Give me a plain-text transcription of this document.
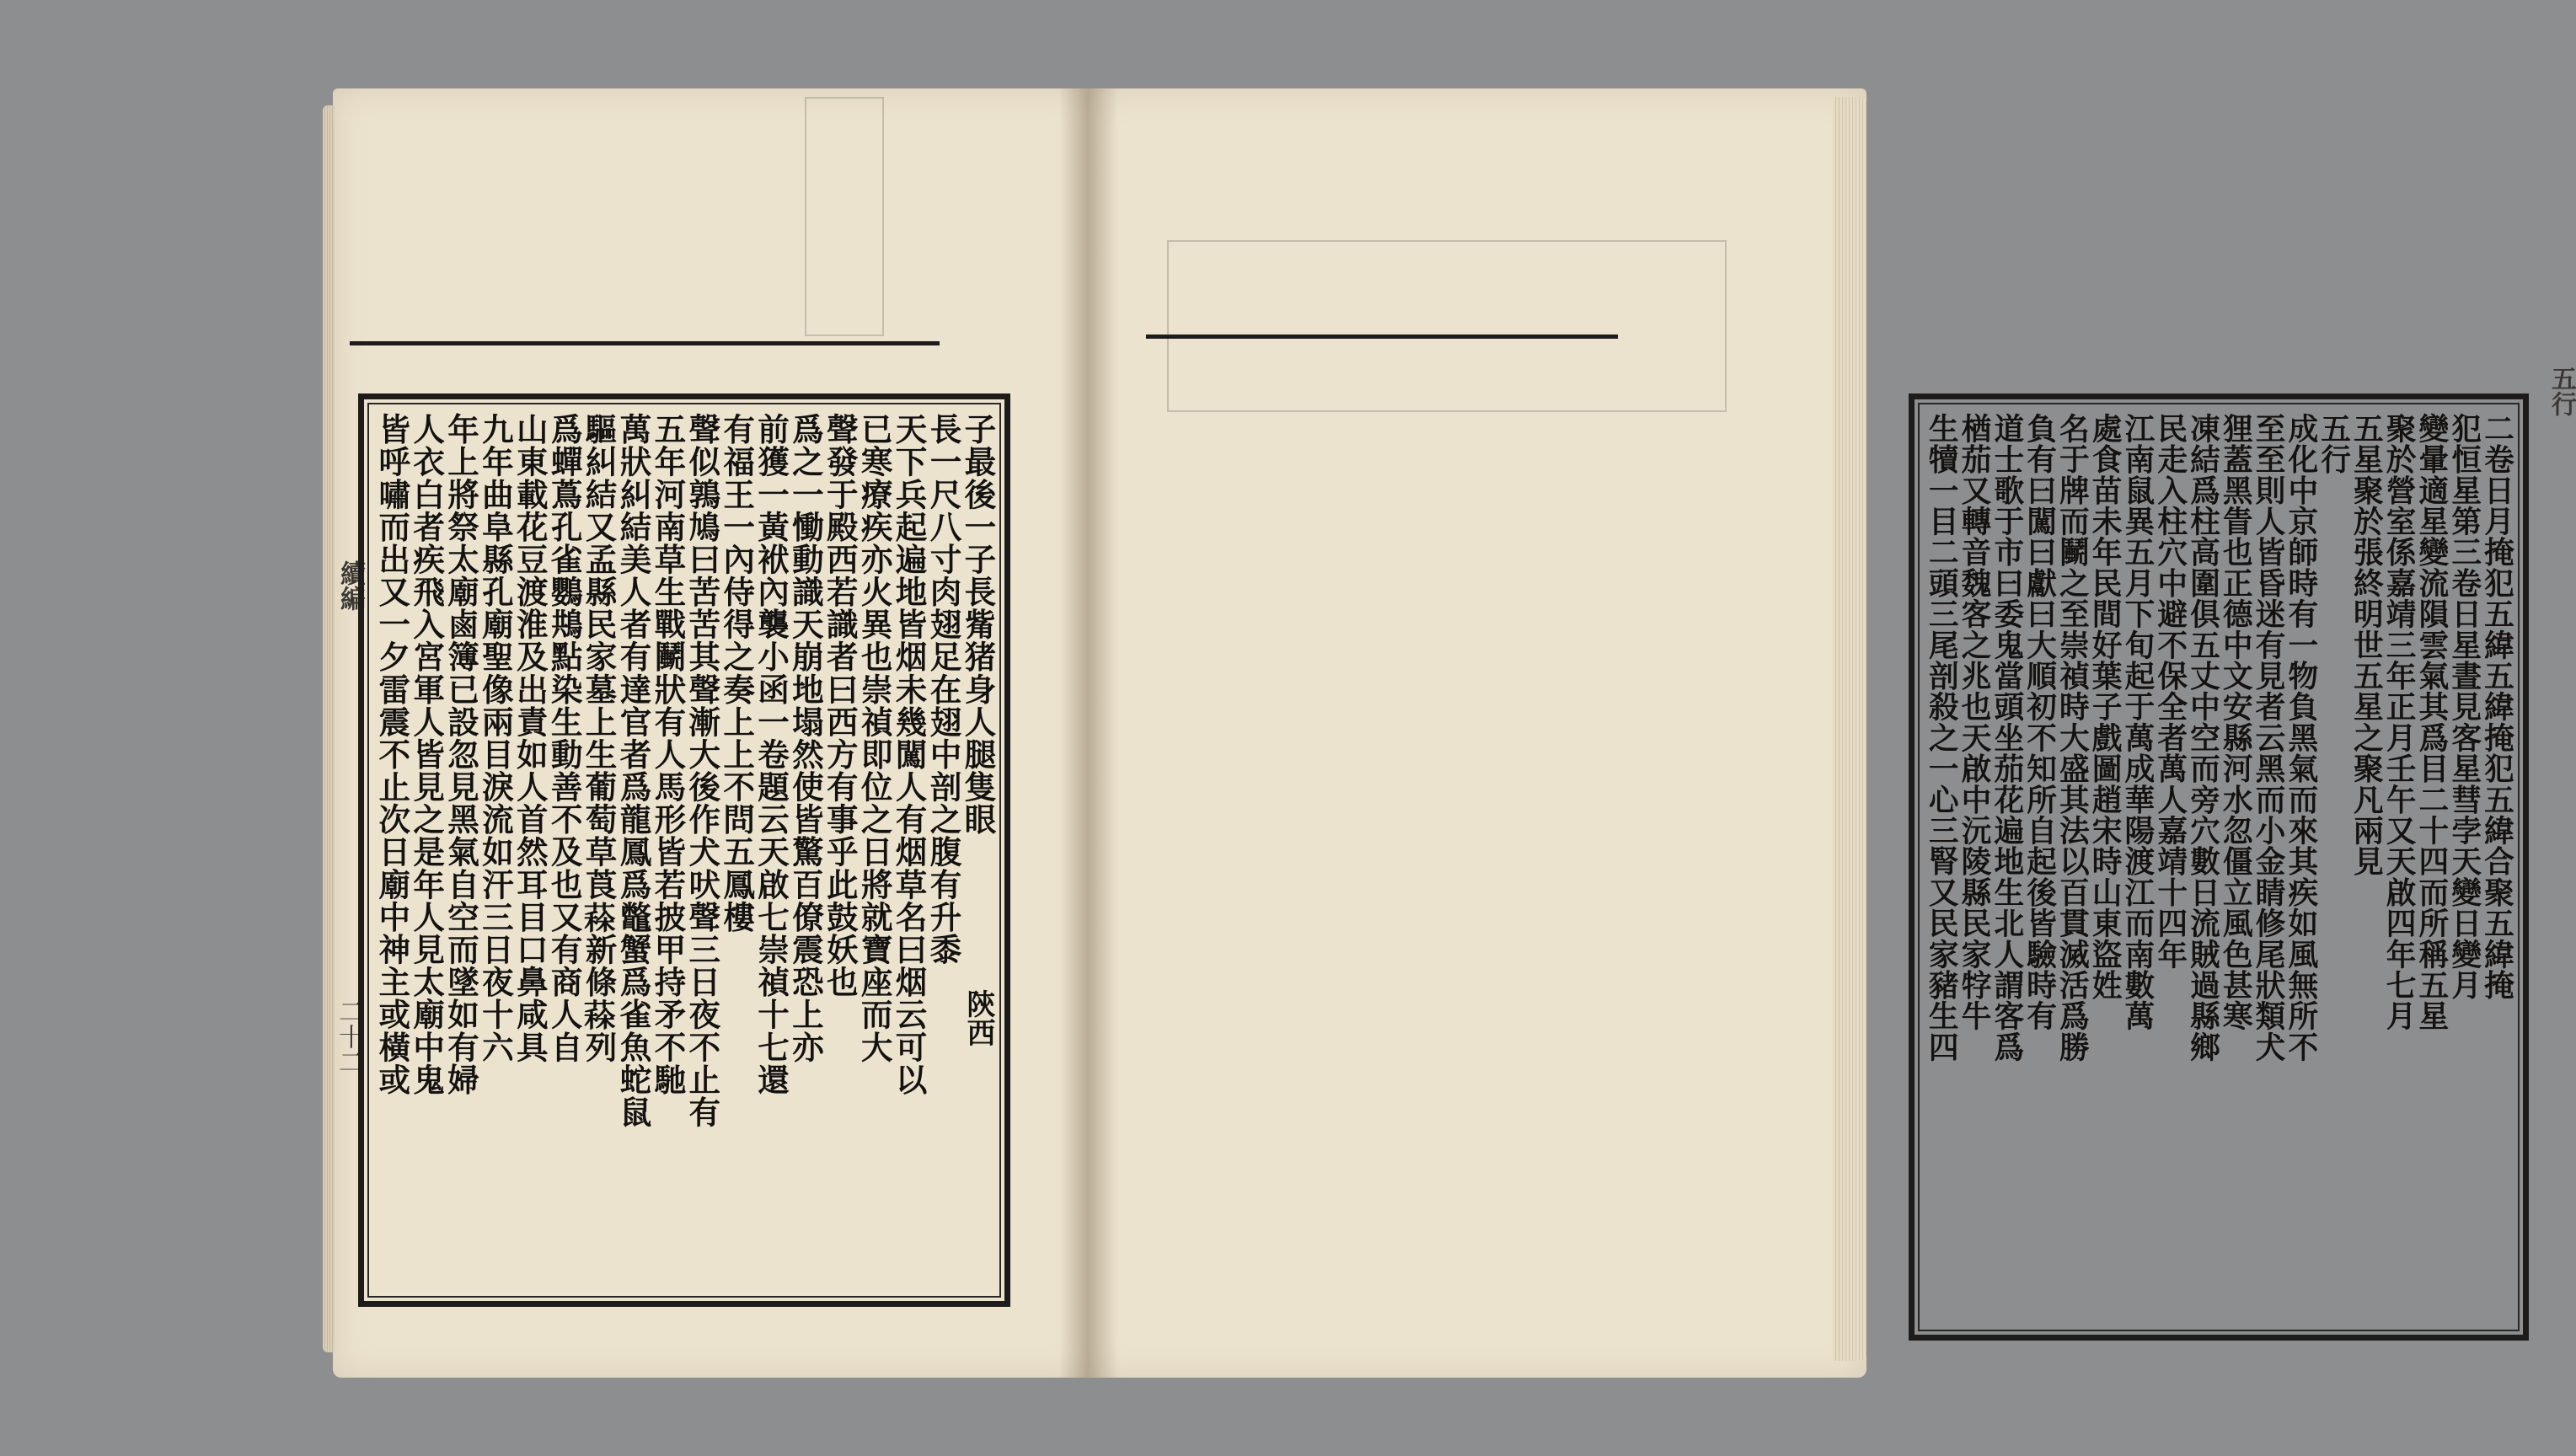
續編
二十二
子最後一子長觜猪身人腿隻眼
長一尺八寸肉翅足在翅中剖之腹有升黍
天下兵起遍地皆烟未幾闖人有烟草名曰烟云可以
已寒療疾亦火異也崇禎即位之日將就寶座而大
聲發于殿西若識者曰西方有事乎此鼓妖也
爲之一慟動識天崩地塌然使皆驚百僚震恐上亦
前獲一黃袱內襲小函一卷題云天啟七崇禎十七還
有福王一內侍得之奏上上不問五鳳樓
聲似鶉鳩曰苦苦其聲漸大後作犬吠聲三日夜不止有
五年河南草生戰鬭狀有人馬形皆若披甲持矛不馳
萬狀糾結美人者有達官者爲龍鳳爲鼈蟹爲雀魚蛇鼠
驅糾結又孟縣民家墓上生葡萄草莨𦸸新條𦸸列
爲蟬蔦孔雀鸚䳍點染生動善不及也又有商人自
山東載花豆渡淮及出責如人首然耳目口鼻咸具
九年曲阜縣孔廟聖像兩目淚流如汗三日夜十六
年上將祭太廟鹵簿已設忽見黑氣自空而墜如有婦
人衣白者疾飛入宮軍人皆見之是年人見太廟中鬼
皆呼嘯而出又一夕雷震不止次日廟中神主或橫或	陝西
二卷日月掩犯五緯五緯掩犯五緯合聚五緯掩
犯恒星第三卷日星晝見客星彗孛天變日變月
變暈適星變流隕雲氣其爲目二十四而所稱五星
聚於營室係嘉靖三年正月壬午又天啟四年七月
五星聚於張終明世五星之聚凡兩見
五行
成化中京師時有一物負黑氣而來其疾如風無所不
至至則人皆昏迷有見者云黑而小金睛修尾狀類犬
狸蓋黑眚也正德中文安縣河水忽僵立風色甚寒
凍結爲柱高圍俱五丈中空而旁穴數日流賊過縣鄉
民走入柱穴中避不保全者萬人嘉靖十四年
江南鼠異五月下旬起于萬成華陽渡江而南數萬
處食苗未年民間好葉子戲圖趙宋時山東盜姓
名于牌而鬭之至崇禎時大盛其法以百貫滅活爲勝
負有曰闖曰獻曰大順初不知所自起後皆驗時有
道士歌于市曰委鬼當頭坐茄花遍地生北人謂客爲
楢茄又轉音魏客之兆也天啟中沅陵縣民家牸牛
生犢一目二頭三尾剖殺之一心三腎又民家豬生四
五行
